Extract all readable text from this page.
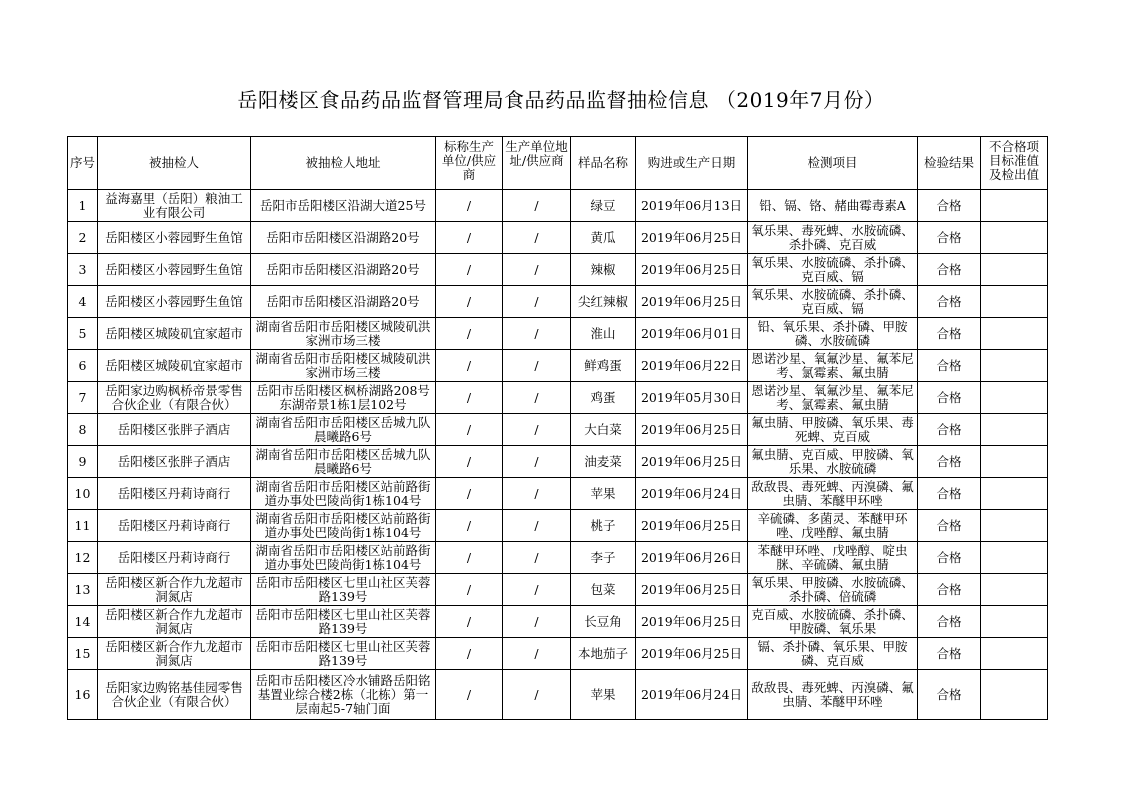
岳阳楼区食品药品监督管理局食品药品监督抽检信息 （2019年7月份）
序号	被抽检人	被抽检人地址	标称生产单位/供应商	生产单位地址/供应商	样品名称	购进或生产日期	检测项目	检验结果	不合格项目标准值及检出值

1	益海嘉里（岳阳）粮油工业有限公司	岳阳市岳阳楼区沿湖大道25号	/	/	绿豆	2019年06月13日	铅、镉、铬、赭曲霉毒素A	合格	
2	岳阳楼区小蓉园野生鱼馆	岳阳市岳阳楼区沿湖路20号	/	/	黄瓜	2019年06月25日	氧乐果、毒死蜱、水胺硫磷、杀扑磷、克百威	合格	
3	岳阳楼区小蓉园野生鱼馆	岳阳市岳阳楼区沿湖路20号	/	/	辣椒	2019年06月25日	氧乐果、水胺硫磷、杀扑磷、克百威、镉	合格	
4	岳阳楼区小蓉园野生鱼馆	岳阳市岳阳楼区沿湖路20号	/	/	尖红辣椒	2019年06月25日	氧乐果、水胺硫磷、杀扑磷、克百威、镉	合格	
5	岳阳楼区城陵矶宜家超市	湖南省岳阳市岳阳楼区城陵矶洪家洲市场三楼	/	/	淮山	2019年06月01日	铅、氧乐果、杀扑磷、甲胺磷、水胺硫磷	合格	
6	岳阳楼区城陵矶宜家超市	湖南省岳阳市岳阳楼区城陵矶洪家洲市场三楼	/	/	鲜鸡蛋	2019年06月22日	恩诺沙星、氧氟沙星、氟苯尼考、氯霉素、氟虫腈	合格	
7	岳阳家边购枫桥帝景零售合伙企业（有限合伙）	岳阳市岳阳楼区枫桥湖路208号东湖帝景1栋1层102号	/	/	鸡蛋	2019年05月30日	恩诺沙星、氧氟沙星、氟苯尼考、氯霉素、氟虫腈	合格	
8	岳阳楼区张胖子酒店	湖南省岳阳市岳阳楼区岳城九队晨曦路6号	/	/	大白菜	2019年06月25日	氟虫腈、甲胺磷、氧乐果、毒死蜱、克百威	合格	
9	岳阳楼区张胖子酒店	湖南省岳阳市岳阳楼区岳城九队晨曦路6号	/	/	油麦菜	2019年06月25日	氟虫腈、克百威、甲胺磷、氧乐果、水胺硫磷	合格	
10	岳阳楼区丹莉诗商行	湖南省岳阳市岳阳楼区站前路街道办事处巴陵尚街1栋104号	/	/	苹果	2019年06月24日	敌敌畏、毒死蜱、丙溴磷、氟虫腈、苯醚甲环唑	合格	
11	岳阳楼区丹莉诗商行	湖南省岳阳市岳阳楼区站前路街道办事处巴陵尚街1栋104号	/	/	桃子	2019年06月25日	辛硫磷、多菌灵、苯醚甲环唑、戊唑醇、氟虫腈	合格	
12	岳阳楼区丹莉诗商行	湖南省岳阳市岳阳楼区站前路街道办事处巴陵尚街1栋104号	/	/	李子	2019年06月26日	苯醚甲环唑、戊唑醇、啶虫脒、辛硫磷、氟虫腈	合格	
13	岳阳楼区新合作九龙超市洞氮店	岳阳市岳阳楼区七里山社区芙蓉路139号	/	/	包菜	2019年06月25日	氧乐果、甲胺磷、水胺硫磷、杀扑磷、倍硫磷	合格	
14	岳阳楼区新合作九龙超市洞氮店	岳阳市岳阳楼区七里山社区芙蓉路139号	/	/	长豆角	2019年06月25日	克百威、水胺硫磷、杀扑磷、甲胺磷、氧乐果	合格	
15	岳阳楼区新合作九龙超市洞氮店	岳阳市岳阳楼区七里山社区芙蓉路139号	/	/	本地茄子	2019年06月25日	镉、杀扑磷、氧乐果、甲胺磷、克百威	合格	
16	岳阳家边购铭基佳园零售合伙企业（有限合伙）	岳阳市岳阳楼区冷水铺路岳阳铭基置业综合楼2栋（北栋）第一层南起5-7轴门面	/	/	苹果	2019年06月24日	敌敌畏、毒死蜱、丙溴磷、氟虫腈、苯醚甲环唑	合格	
